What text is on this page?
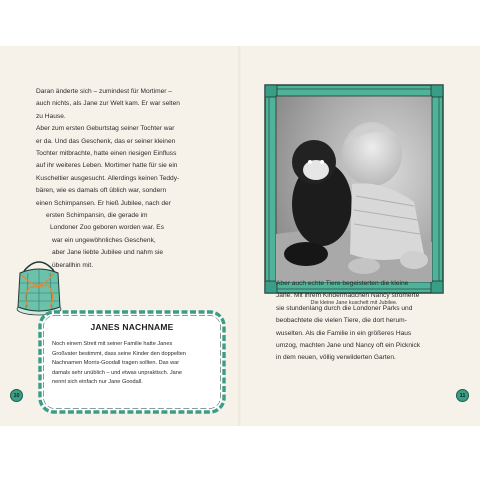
Daran änderte sich – zumindest für Mortimer –
auch nichts, als Jane zur Welt kam. Er war selten
zu Hause.
Aber zum ersten Geburtstag seiner Tochter war
er da. Und das Geschenk, das er seiner kleinen
Tochter mitbrachte, hatte einen riesigen Einfluss
auf ihr weiteres Leben. Mortimer hatte für sie ein
Kuscheltier ausgesucht. Allerdings keinen Teddy-
bären, wie es damals oft üblich war, sondern
einen Schimpansen. Er hieß Jubilee, nach der
ersten Schimpansin, die gerade im
Londoner Zoo geboren worden war. Es
war ein ungewöhnliches Geschenk,
aber Jane liebte Jubilee und nahm sie
überallhin mit.
JANES NACHNAME
Noch einem Streit mit seiner Familie hatte Janes
Großvater bestimmt, dass seine Kinder den doppelten
Nachnamen Morris-Goodall tragen sollten. Das war
damals sehr unüblich – und etwas unpraktisch. Jane
nennt sich einfach nur Jane Goodall.
10
Die kleine Jane kuschelt mit Jubilee.
Aber auch echte Tiere begeisterten die kleine
Jane. Mit ihrem Kindermädchen Nancy stromerte
sie stundenlang durch die Londoner Parks und
beobachtete die vielen Tiere, die dort herum-
wuselten. Als die Familie in ein größeres Haus
umzog, machten Jane und Nancy oft ein Picknick
in dem neuen, völlig verwilderten Garten.
11
